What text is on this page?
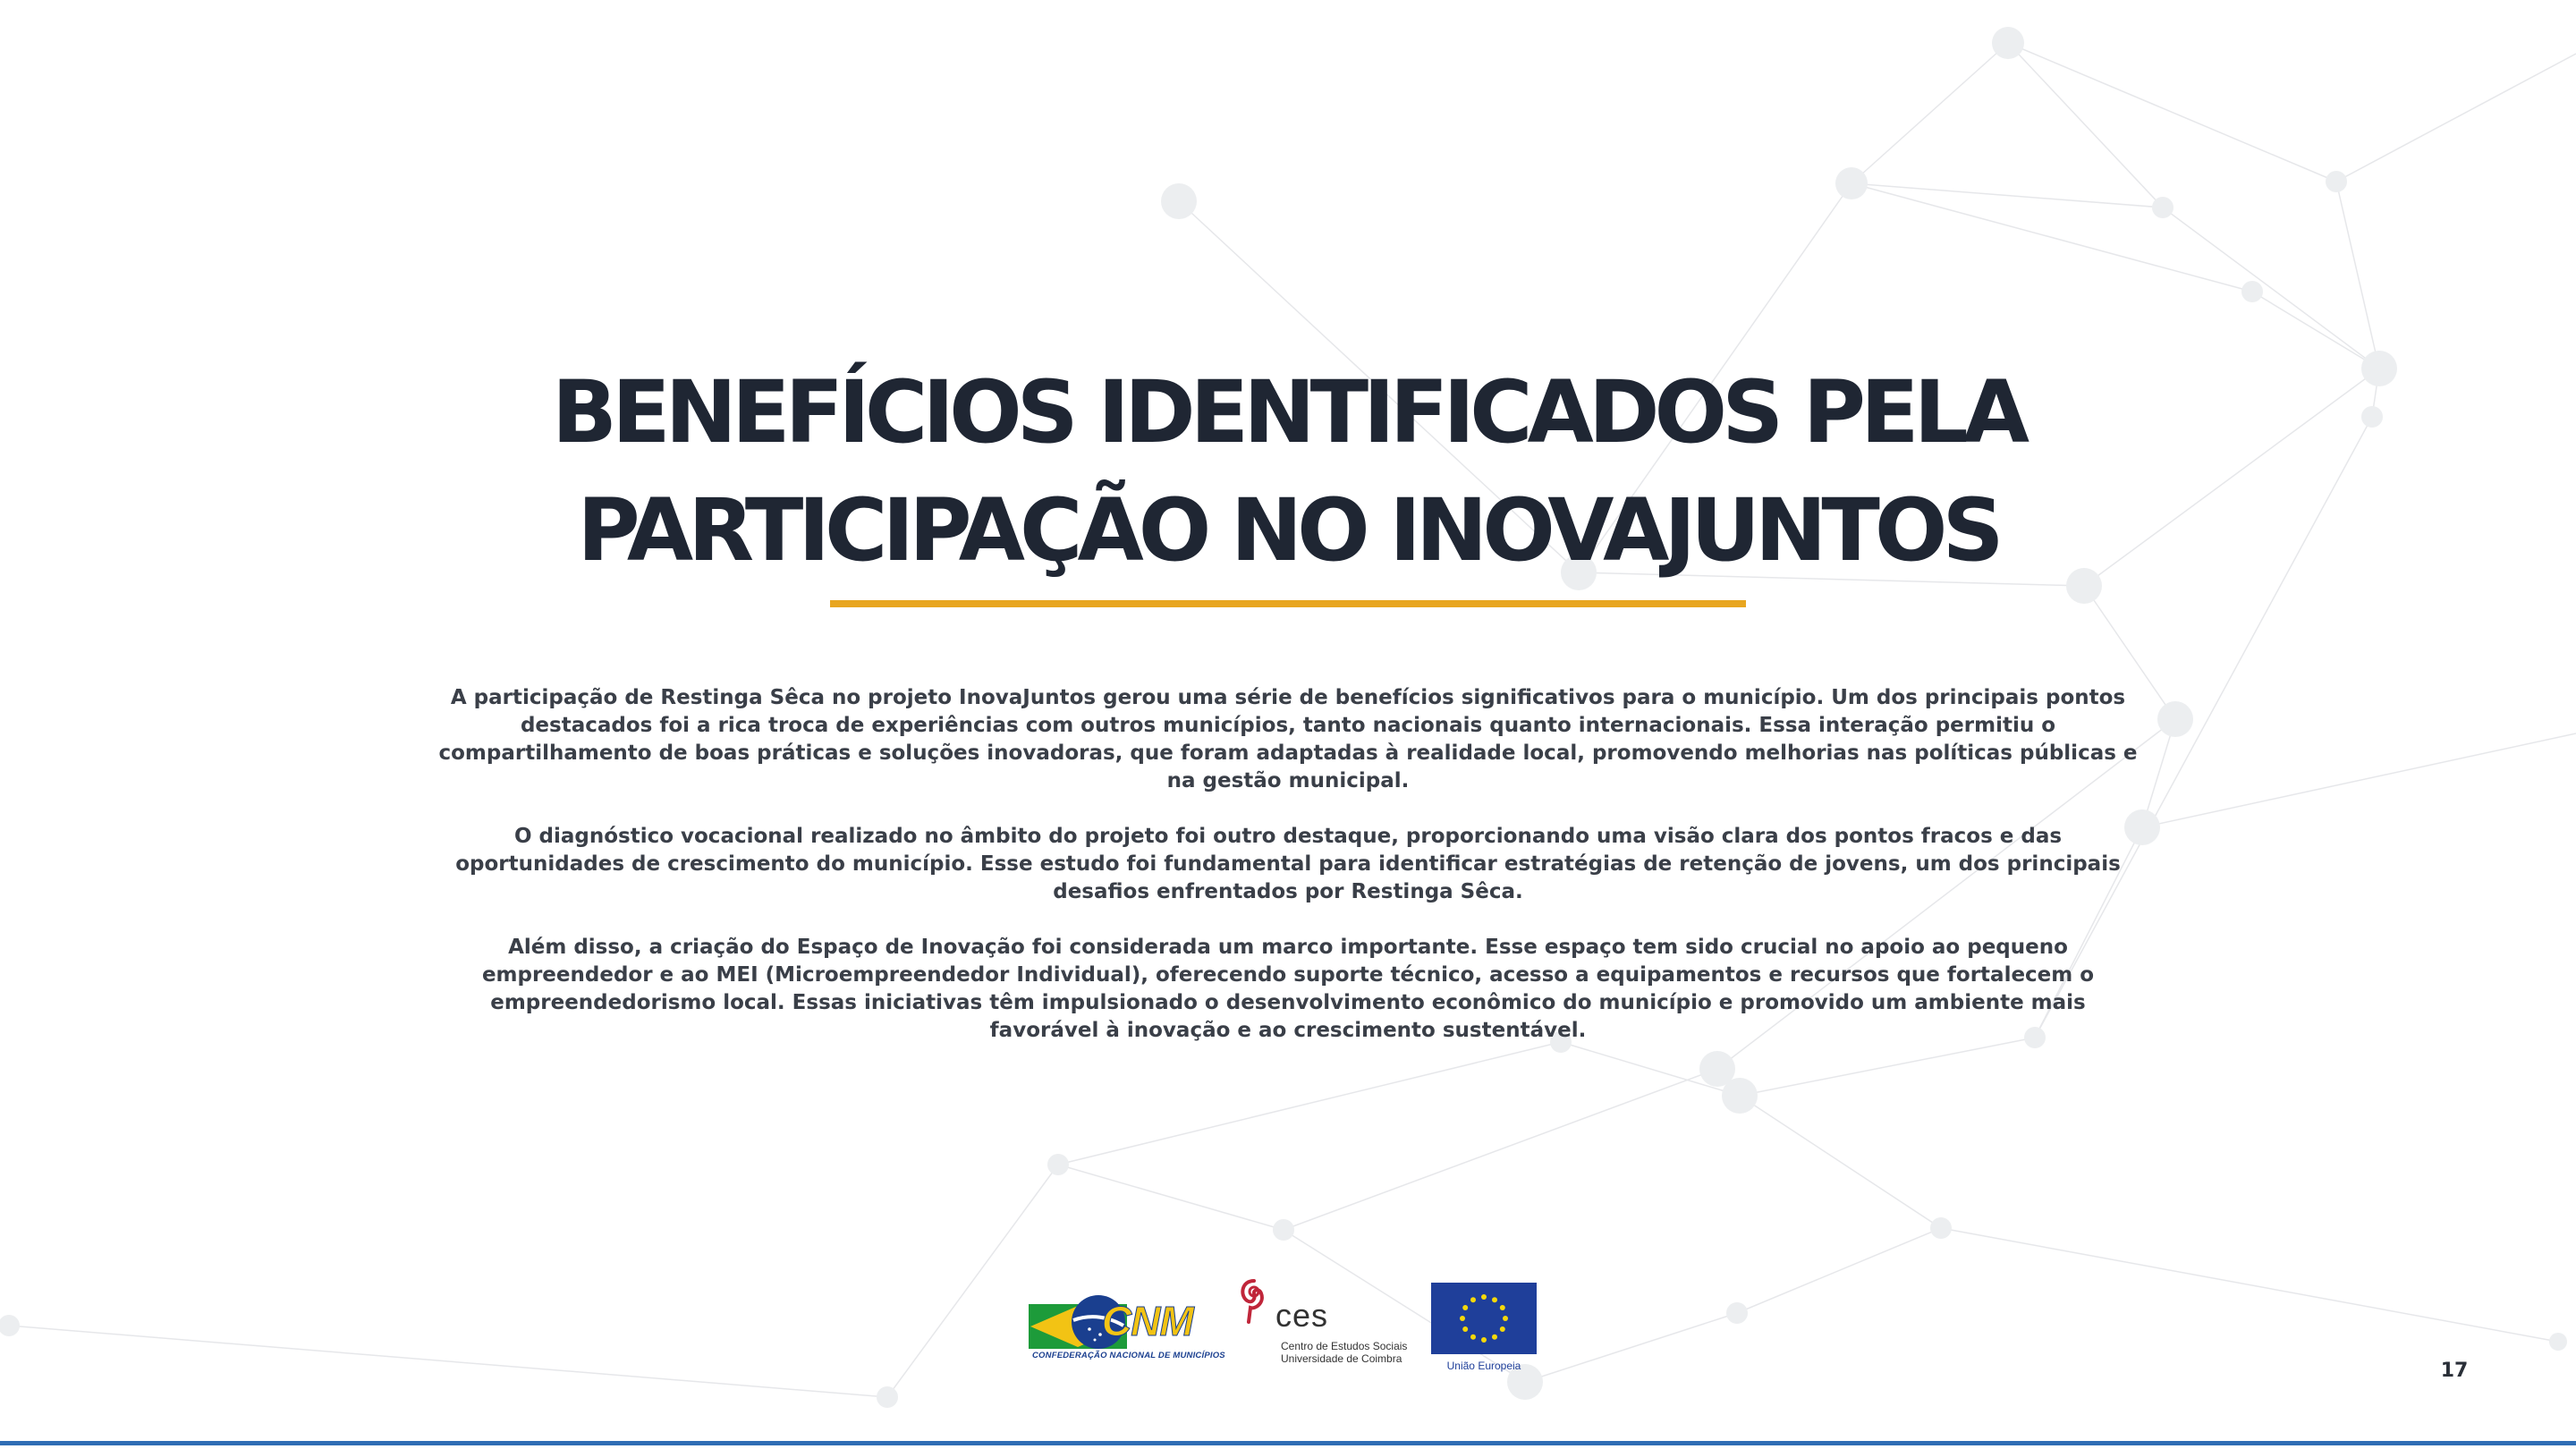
BENEFÍCIOS IDENTIFICADOS PELA
PARTICIPAÇÃO NO INOVAJUNTOS

A participação de Restinga Sêca no projeto InovaJuntos gerou uma série de benefícios significativos para o município. Um dos principais pontos destacados foi a rica troca de experiências com outros municípios, tanto nacionais quanto internacionais. Essa interação permitiu o compartilhamento de boas práticas e soluções inovadoras, que foram adaptadas à realidade local, promovendo melhorias nas políticas públicas e na gestão municipal.

O diagnóstico vocacional realizado no âmbito do projeto foi outro destaque, proporcionando uma visão clara dos pontos fracos e das oportunidades de crescimento do município. Esse estudo foi fundamental para identificar estratégias de retenção de jovens, um dos principais desafios enfrentados por Restinga Sêca.

Além disso, a criação do Espaço de Inovação foi considerada um marco importante. Esse espaço tem sido crucial no apoio ao pequeno empreendedor e ao MEI (Microempreendedor Individual), oferecendo suporte técnico, acesso a equipamentos e recursos que fortalecem o empreendedorismo local. Essas iniciativas têm impulsionado o desenvolvimento econômico do município e promovido um ambiente mais favorável à inovação e ao crescimento sustentável.

CNM
CONFEDERAÇÃO NACIONAL DE MUNICÍPIOS
ces
Centro de Estudos Sociais
Universidade de Coimbra
União Europeia	17
